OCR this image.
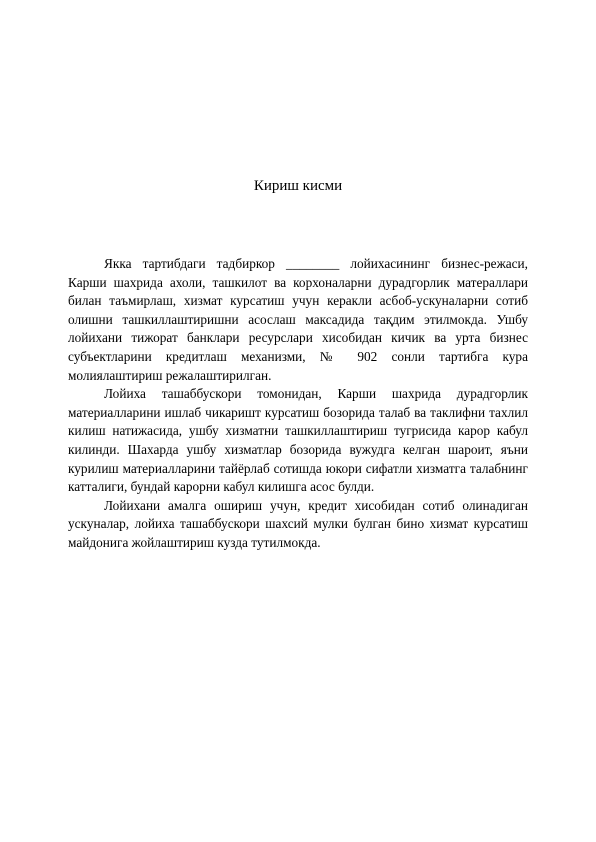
Кириш кисми

Якка тартибдаги тадбиркор ________ лойихасининг бизнес-режаси, Карши шахрида ахоли, ташкилот ва корхоналарни дурадгорлик матераллари билан таъмирлаш, хизмат курсатиш учун керакли асбоб-ускуналарни сотиб олишни ташкиллаштиришни асослаш максадида тақдим этилмокда. Ушбу лойихани тижорат банклари ресурслари хисобидан кичик ва урта бизнес субъектларини кредитлаш механизми, № 902 сонли тартибга кура молиялаштириш режалаштирилган.

Лойиха ташаббускори томонидан, Карши шахрида дурадгорлик материалларини ишлаб чикаришт курсатиш бозорида талаб ва таклифни тахлил килиш натижасида, ушбу хизматни ташкиллаштириш тугрисида карор кабул килинди. Шахарда ушбу хизматлар бозорида вужудга келган шароит, яъни курилиш материалларини тайёрлаб сотишда юкори сифатли хизматга талабнинг катталиги, бундай карорни кабул килишга асос булди.

Лойихани амалга ошириш учун, кредит хисобидан сотиб олинадиган ускуналар, лойиха ташаббускори шахсий мулки булган бино хизмат курсатиш майдонига жойлаштириш кузда тутилмокда.
